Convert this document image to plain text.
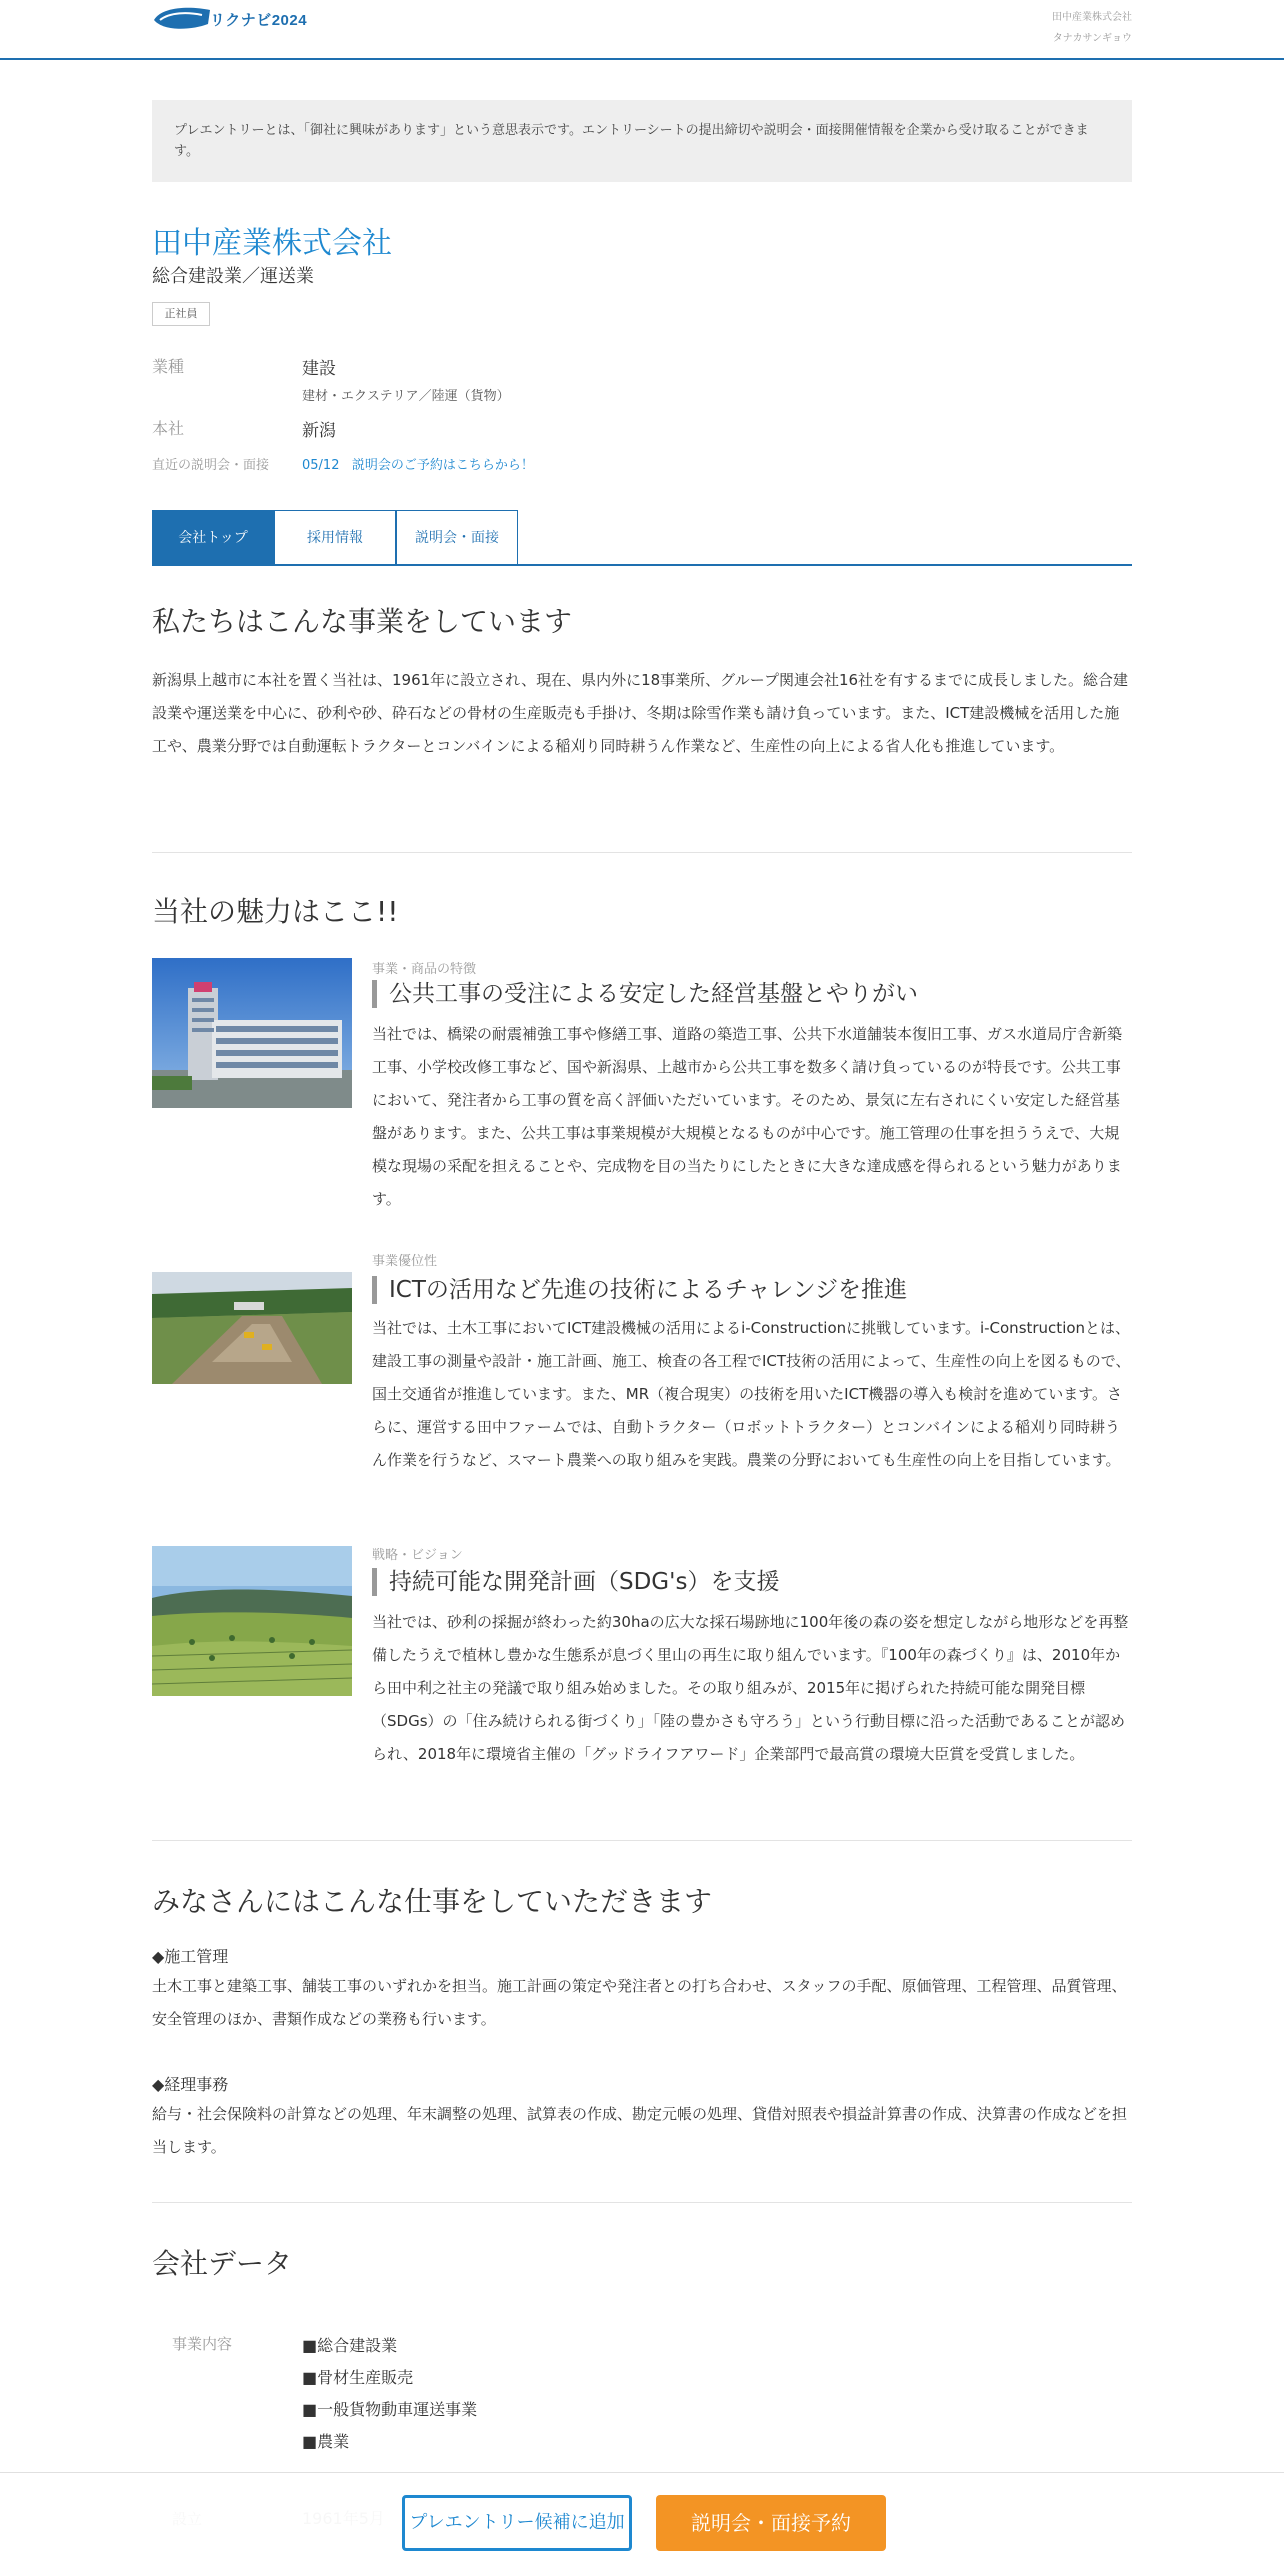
リクナビ2024	田中産業株式会社
タナカサンギョウ
プレエントリーとは、「御社に興味があります」という意思表示です。エントリーシートの提出締切や説明会・面接開催情報を企業から受け取ることができます。
田中産業株式会社
総合建設業／運送業
正社員
業種	建設
建材・エクステリア／陸運（貨物）
本社	新潟
直近の説明会・面接	05/12 説明会のご予約はこちらから！
会社トップ	採用情報	説明会・面接
私たちはこんな事業をしています
新潟県上越市に本社を置く当社は、1961年に設立され、現在、県内外に18事業所、グループ関連会社16社を有するまでに成長しました。総合建設業や運送業を中心に、砂利や砂、砕石などの骨材の生産販売も手掛け、冬期は除雪作業も請け負っています。また、ICT建設機械を活用した施工や、農業分野では自動運転トラクターとコンバインによる稲刈り同時耕うん作業など、生産性の向上による省人化も推進しています。
当社の魅力はここ!!
事業・商品の特徴
公共工事の受注による安定した経営基盤とやりがい
当社では、橋梁の耐震補強工事や修繕工事、道路の築造工事、公共下水道舗装本復旧工事、ガス水道局庁舎新築工事、小学校改修工事など、国や新潟県、上越市から公共工事を数多く請け負っているのが特長です。公共工事において、発注者から工事の質を高く評価いただいています。そのため、景気に左右されにくい安定した経営基盤があります。また、公共工事は事業規模が大規模となるものが中心です。施工管理の仕事を担ううえで、大規模な現場の采配を担えることや、完成物を目の当たりにしたときに大きな達成感を得られるという魅力があります。
事業優位性
ICTの活用など先進の技術によるチャレンジを推進
当社では、土木工事においてICT建設機械の活用によるi-Constructionに挑戦しています。i-Constructionとは、建設工事の測量や設計・施工計画、施工、検査の各工程でICT技術の活用によって、生産性の向上を図るもので、国土交通省が推進しています。また、MR（複合現実）の技術を用いたICT機器の導入も検討を進めています。さらに、運営する田中ファームでは、自動トラクター（ロボットトラクター）とコンバインによる稲刈り同時耕うん作業を行うなど、スマート農業への取り組みを実践。農業の分野においても生産性の向上を目指しています。
戦略・ビジョン
持続可能な開発計画（SDG's）を支援
当社では、砂利の採掘が終わった約30haの広大な採石場跡地に100年後の森の姿を想定しながら地形などを再整備したうえで植林し豊かな生態系が息づく里山の再生に取り組んでいます。『100年の森づくり』は、2010年から田中利之社主の発議で取り組み始めました。その取り組みが、2015年に掲げられた持続可能な開発目標（SDGs）の「住み続けられる街づくり」「陸の豊かさも守ろう」という行動目標に沿った活動であることが認められ、2018年に環境省主催の「グッドライフアワード」企業部門で最高賞の環境大臣賞を受賞しました。
みなさんにはこんな仕事をしていただきます
◆施工管理
土木工事と建築工事、舗装工事のいずれかを担当。施工計画の策定や発注者との打ち合わせ、スタッフの手配、原価管理、工程管理、品質管理、安全管理のほか、書類作成などの業務も行います。
◆経理事務
給与・社会保険料の計算などの処理、年末調整の処理、試算表の作成、勘定元帳の処理、貸借対照表や損益計算書の作成、決算書の作成などを担当します。
会社データ
事業内容	■総合建設業
■骨材生産販売
■一般貨物動車運送事業
■農業
プレエントリー候補に追加	説明会・面接予約
